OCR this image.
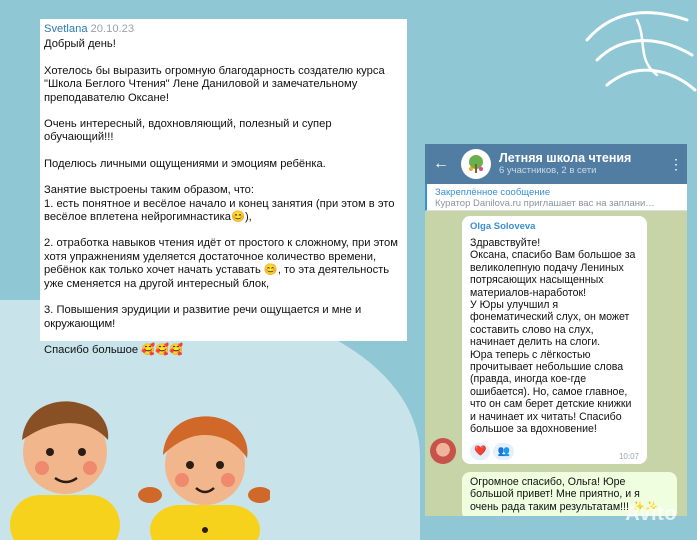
Svetlana 20.10.23

Добрый день!

Хотелось бы выразить огромную благодарность создателю курса "Школа Беглого Чтения" Лене Даниловой и замечательному преподавателю Оксане!

Очень интересный, вдохновляющий, полезный и супер обучающий!!!

Поделюсь личными ощущениями и эмоциям ребёнка.

Занятие выстроены таким образом, что:
1. есть понятное и весёлое начало и конец занятия (при этом в это весёлое вплетена нейрогимнастика😊),

2. отработка навыков чтения идёт от простого к сложному, при этом хотя упражнениям уделяется достаточное количество времени, ребёнок как только хочет начать уставать 😊, то эта деятельность уже сменяется на другой интересный блок,

3. Повышения эрудиции и развитие речи ощущается и мне и окружающим!

Спасибо большое 🥰🥰🥰

←	Летняя школа чтения
6 участников, 2 в сети	⋮
Закреплённое сообщение
Куратор Danilova.ru приглашает вас на заплани…
Olga Soloveva
Здравствуйте!
Оксана, спасибо Вам большое за великолепную подачу Лениных потрясающих насыщенных материалов-наработок!
У Юры улучшил я фонематический слух, он может составить слово на слух, начинает делить на слоги.
Юра теперь с лёгкостью прочитывает небольшие слова (правда, иногда кое-где ошибается). Но, самое главное, что он сам берет детские книжки и начинает их читать! Спасибо большое за вдохновение!
❤️	👥	10:07
Огромное спасибо, Ольга! Юре большой привет! Мне приятно, и я очень рада таким результатам!!! ✨✨
Avito
